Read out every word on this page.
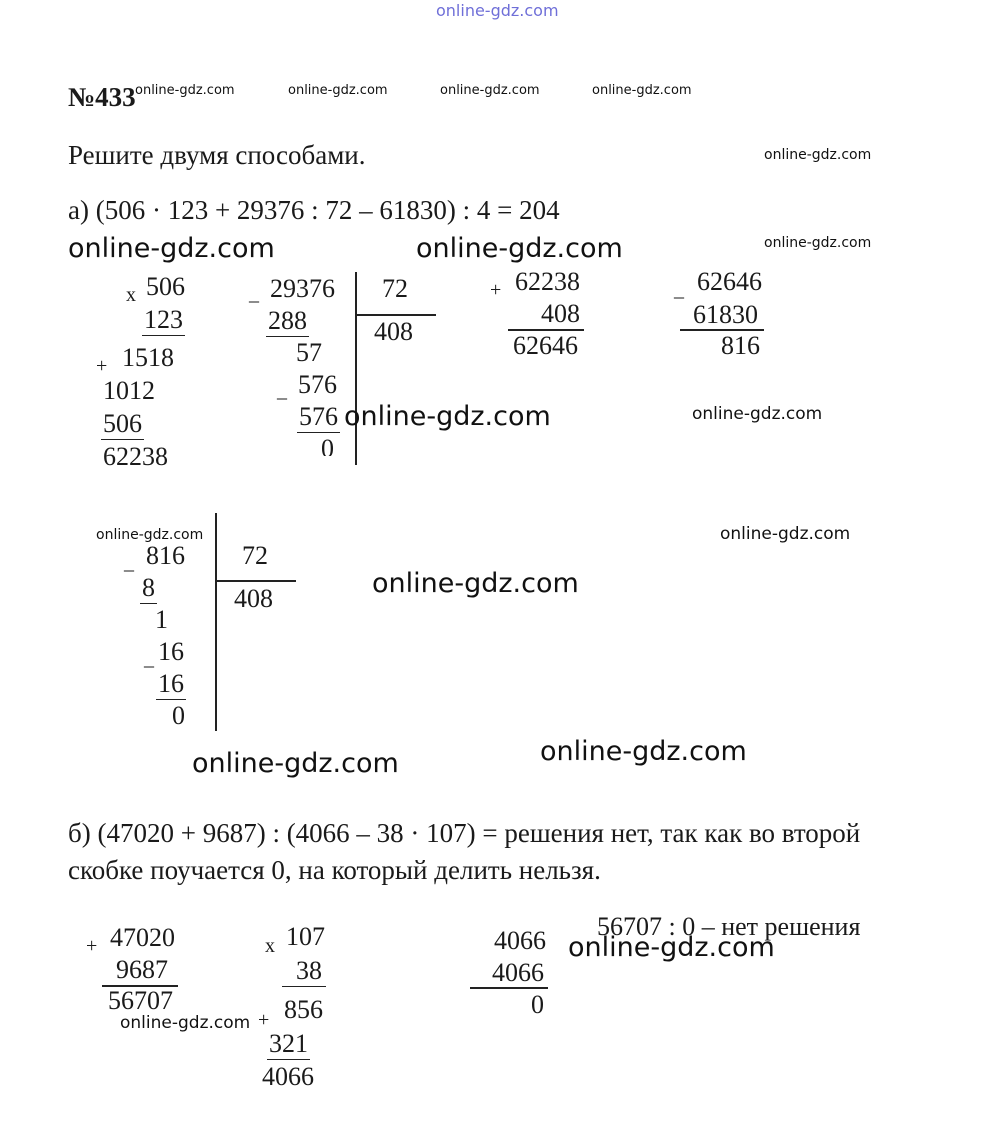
online-gdz.com
№433 online-gdz.com	online-gdz.com	online-gdz.com	online-gdz.com
Решите двумя способами.	online-gdz.com
а) (506 · 123 + 29376 : 72 – 61830) : 4 = 204
online-gdz.com	online-gdz.com	online-gdz.com
x 506
123
+ 1518
1012
506
62238
_ 29376 72
408
288
57
_ 576
576
0
+ 62238
408
62646
_ 62646
61830
816
online-gdz.com	online-gdz.com
online-gdz.com	online-gdz.com
_ 816 72
408
8
1
_ 16
16
0
online-gdz.com
online-gdz.com
online-gdz.com
б) (47020 + 9687) : (4066 – 38 · 107) = решения нет, так как во второй
скобке поучается 0, на который делить нельзя.
+ 47020
9687
56707
online-gdz.com
x 107
38
+ 856
321
4066
4066
4066
0
56707 : 0 – нет решения
online-gdz.com
